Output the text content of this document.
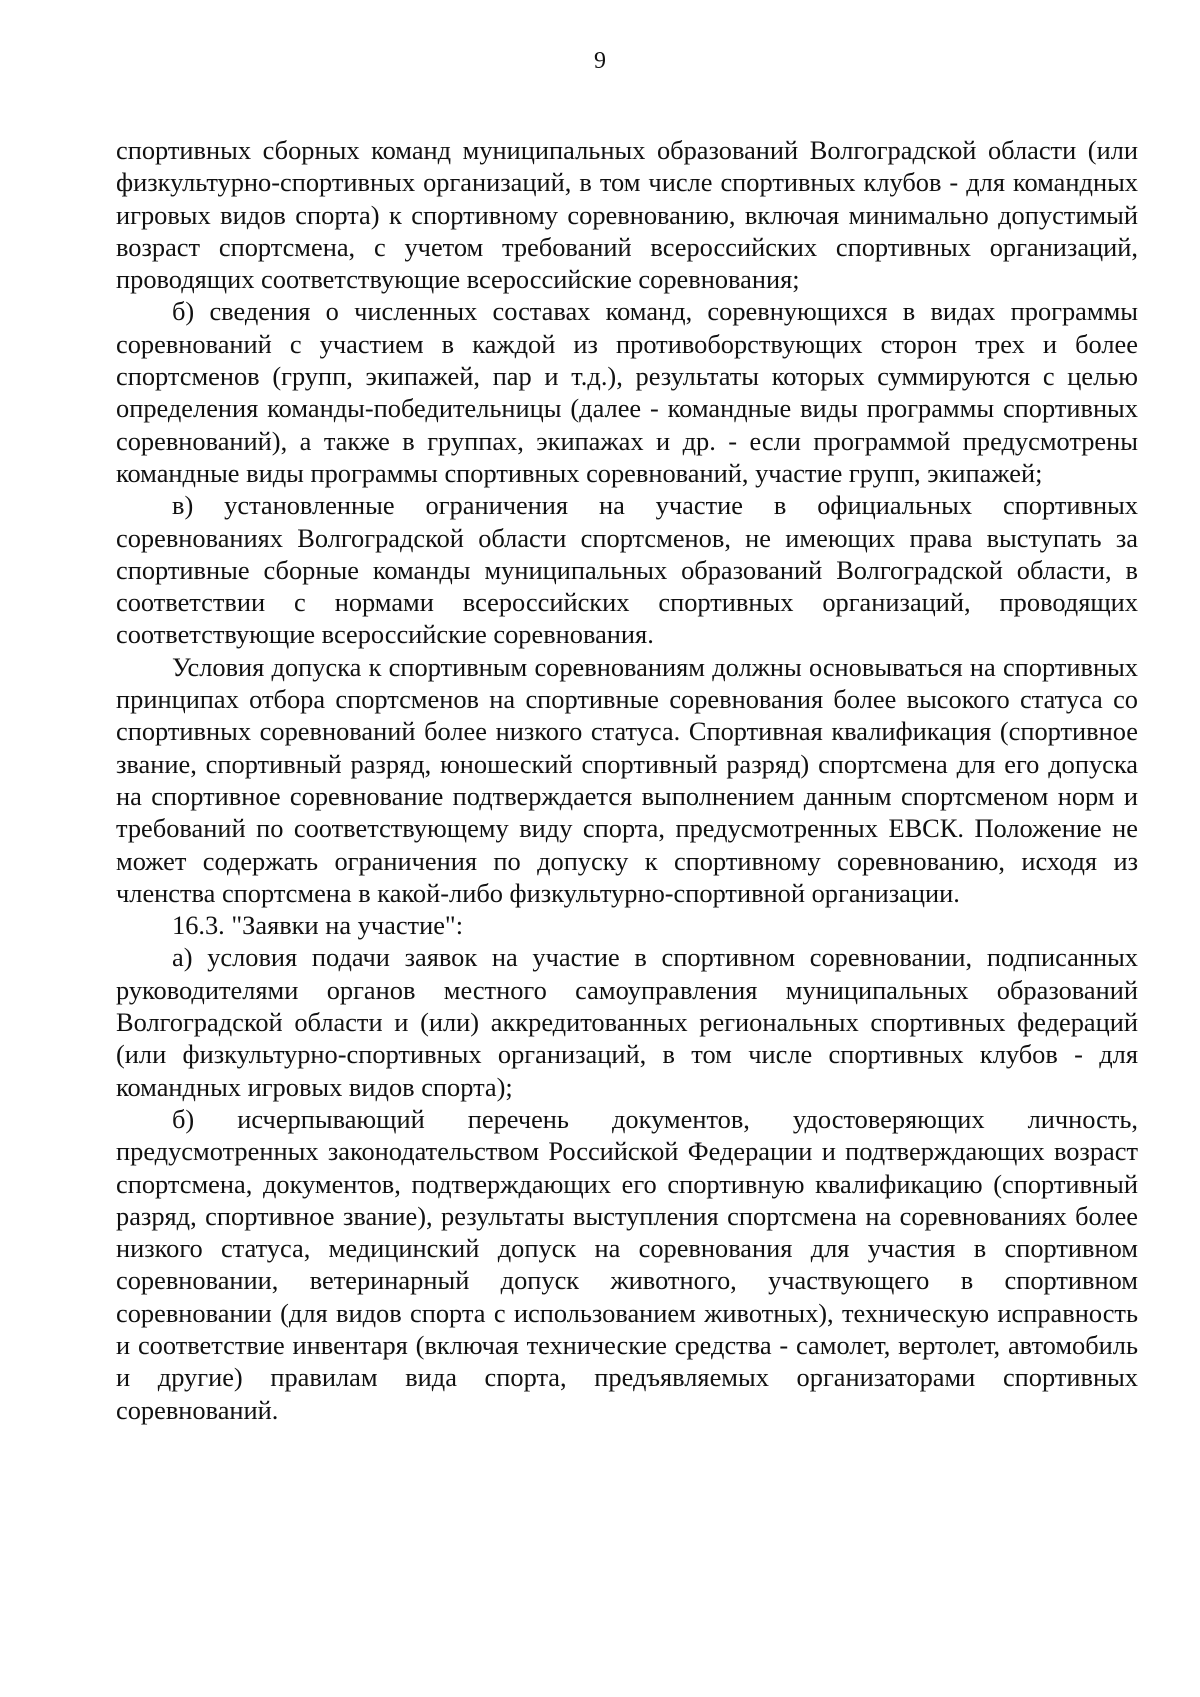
9

спортивных сборных команд муниципальных образований Волгоградской области (или физкультурно-спортивных организаций, в том числе спортивных клубов - для командных игровых видов спорта) к спортивному соревнованию, включая минимально допустимый возраст спортсмена, с учетом требований всероссийских спортивных организаций, проводящих соответствующие всероссийские соревнования;

б) сведения о численных составах команд, соревнующихся в видах программы соревнований с участием в каждой из противоборствующих сторон трех и более спортсменов (групп, экипажей, пар и т.д.), результаты которых суммируются с целью определения команды-победительницы (далее - командные виды программы спортивных соревнований), а также в группах, экипажах и др. - если программой предусмотрены командные виды программы спортивных соревнований, участие групп, экипажей;

в) установленные ограничения на участие в официальных спортивных соревнованиях Волгоградской области спортсменов, не имеющих права выступать за спортивные сборные команды муниципальных образований Волгоградской области, в соответствии с нормами всероссийских спортивных организаций, проводящих соответствующие всероссийские соревнования.

Условия допуска к спортивным соревнованиям должны основываться на спортивных принципах отбора спортсменов на спортивные соревнования более высокого статуса со спортивных соревнований более низкого статуса. Спортивная квалификация (спортивное звание, спортивный разряд, юношеский спортивный разряд) спортсмена для его допуска на спортивное соревнование подтверждается выполнением данным спортсменом норм и требований по соответствующему виду спорта, предусмотренных ЕВСК. Положение не может содержать ограничения по допуску к спортивному соревнованию, исходя из членства спортсмена в какой-либо физкультурно-спортивной организации.

16.3. "Заявки на участие":

а) условия подачи заявок на участие в спортивном соревновании, подписанных руководителями органов местного самоуправления муниципальных образований Волгоградской области и (или) аккредитованных региональных спортивных федераций (или физкультурно-спортивных организаций, в том числе спортивных клубов - для командных игровых видов спорта);

б) исчерпывающий перечень документов, удостоверяющих личность, предусмотренных законодательством Российской Федерации и подтверждающих возраст спортсмена, документов, подтверждающих его спортивную квалификацию (спортивный разряд, спортивное звание), результаты выступления спортсмена на соревнованиях более низкого статуса, медицинский допуск на соревнования для участия в спортивном соревновании, ветеринарный допуск животного, участвующего в спортивном соревновании (для видов спорта с использованием животных), техническую исправность и соответствие инвентаря (включая технические средства - самолет, вертолет, автомобиль и другие) правилам вида спорта, предъявляемых организаторами спортивных соревнований.
